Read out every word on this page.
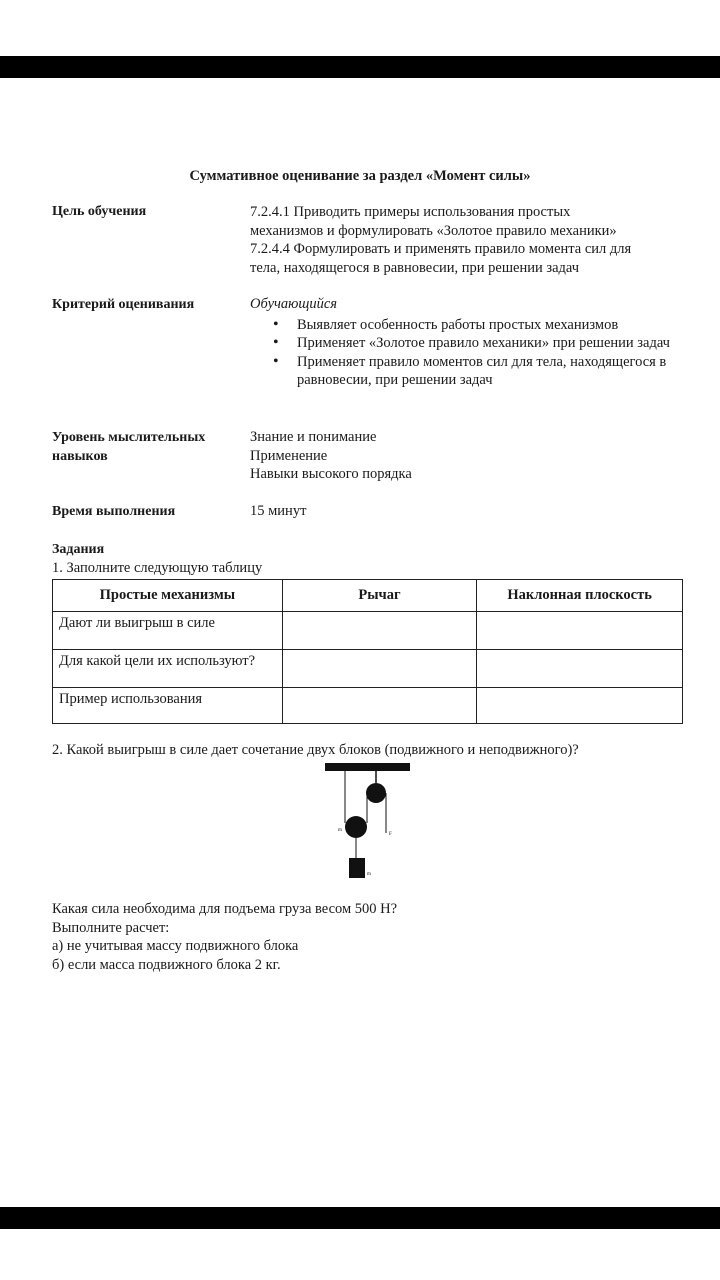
Суммативное оценивание за раздел «Момент силы»
Цель обучения	7.2.4.1 Приводить примеры использования простых
механизмов и формулировать «Золотое правило механики»
7.2.4.4 Формулировать и применять правило момента сил для
тела, находящегося в равновесии, при решении задач
Критерий оценивания	Обучающийся
• Выявляет особенность работы простых механизмов
• Применяет «Золотое правило механики» при решении задач
• Применяет правило моментов сил для тела, находящегося в равновесии, при решении задач
Уровень мыслительных
навыков
Знание и понимание
Применение
Навыки высокого порядка
Время выполнения	15 минут
Задания
1. Заполните следующую таблицу
Простые механизмы	Рычаг	Наклонная плоскость
Дают ли выигрыш в силе		
Для какой цели их используют?		
Пример использования		
2. Какой выигрыш в силе дает сочетание двух блоков (подвижного и неподвижного)?
m
F
m
Какая сила необходима для подъема груза весом 500 Н?
Выполните расчет:
а) не учитывая массу подвижного блока
б) если масса подвижного блока 2 кг.
